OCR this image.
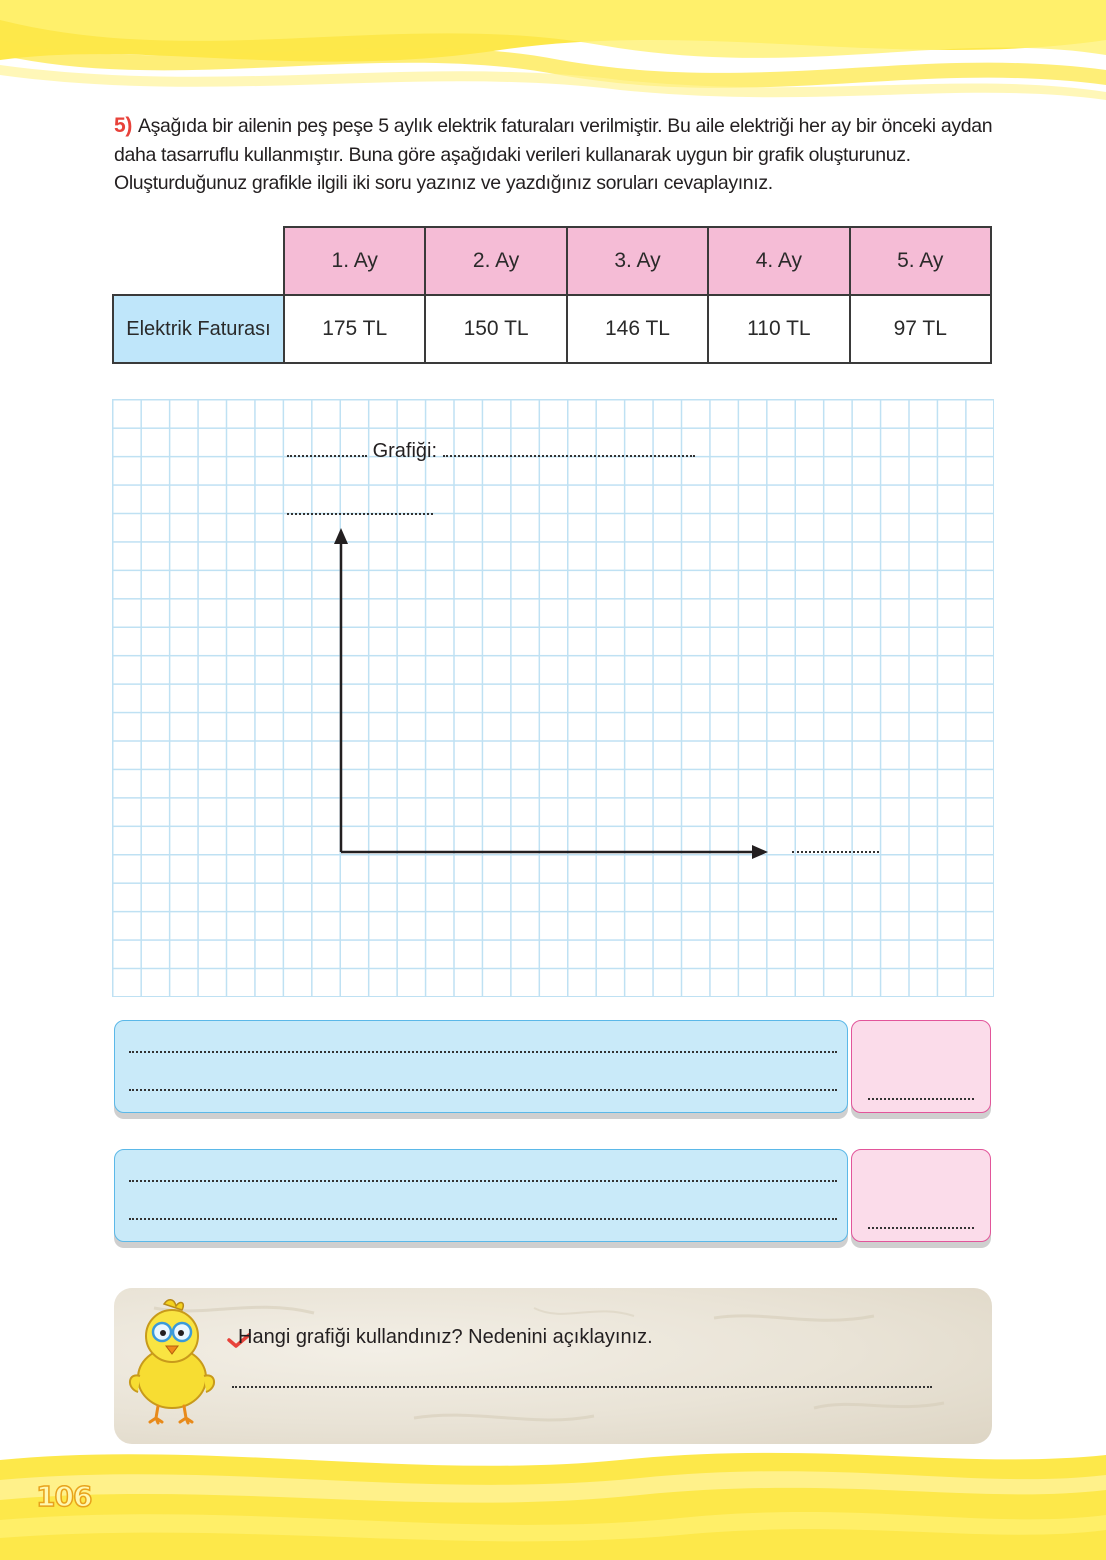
5) Aşağıda bir ailenin peş peşe 5 aylık elektrik faturaları verilmiştir. Bu aile elektriği her ay bir önceki aydan daha tasarruflu kullanmıştır. Buna göre aşağıdaki verileri kullanarak uygun bir grafik oluşturunuz. Oluşturduğunuz grafikle ilgili iki soru yazınız ve yazdığınız soruları cevaplayınız.
	1. Ay	2. Ay	3. Ay	4. Ay	5. Ay
Elektrik Faturası	175 TL	150 TL	146 TL	110 TL	97 TL
Grafiği:
Hangi grafiği kullandınız? Nedenini açıklayınız.
106
